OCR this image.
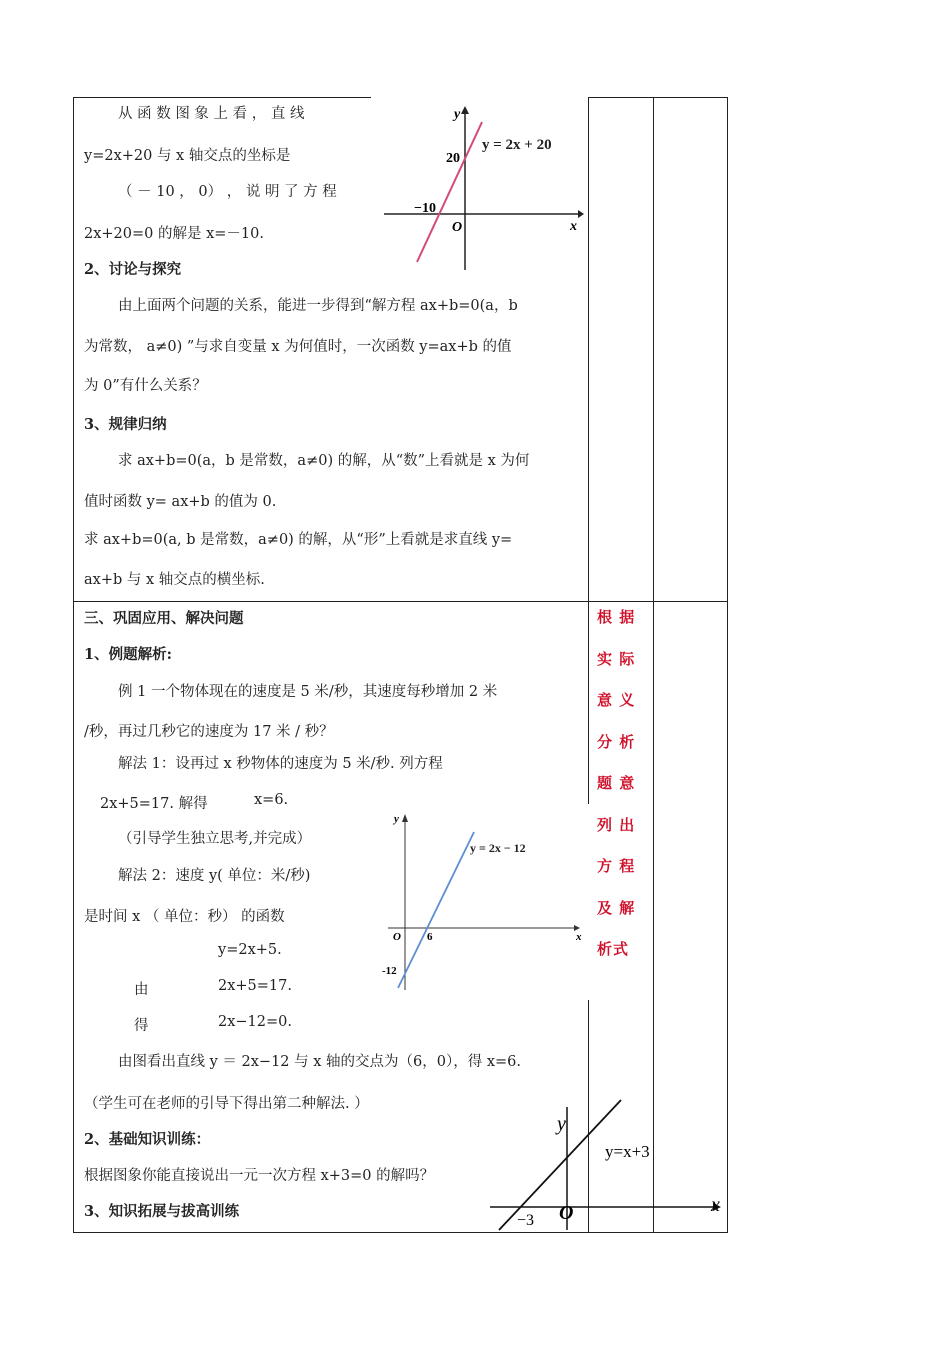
从 函 数 图 象 上 看 ， 直 线
y=2x+20 与 x 轴交点的坐标是
（ － 10 ， 0） ， 说 明 了 方 程
2x+20=0 的解是 x=－10.
y = 2x + 20
y
x
O
20
−10
2、讨论与探究
由上面两个问题的关系，能进一步得到“解方程 ax+b=0(a，b
为常数， a≠0) ”与求自变量 x 为何值时，一次函数 y=ax+b 的值
为 0”有什么关系？
3、规律归纳
求 ax+b=0(a，b 是常数，a≠0) 的解，从“数”上看就是 x 为何
值时函数 y= ax+b 的值为 0.
求 ax+b=0(a, b 是常数，a≠0) 的解，从“形”上看就是求直线 y=
ax+b 与 x 轴交点的横坐标.
三、巩固应用、解决问题
1、例题解析:
例 1 一个物体现在的速度是 5 米/秒，其速度每秒增加 2 米
/秒，再过几秒它的速度为 17 米 / 秒？
解法 1：设再过 x 秒物体的速度为 5 米/秒. 列方程
2x+5=17. 解得	x=6.
（引导学生独立思考,并完成）
解法 2：速度 y( 单位：米/秒)
是时间 x （ 单位：秒） 的函数
y=2x+5.
由	2x+5=17.
得	2x−12=0.
由图看出直线 y ＝ 2x−12 与 x 轴的交点为（6，0），得 x=6.
（学生可在老师的引导下得出第二种解法. ）
2、基础知识训练：
根据图象你能直接说出一元一次方程 x+3=0 的解吗？
3、知识拓展与拔高训练
y = 2x − 12
y
x
O 6
-12
y=x+3
y
x
O
−3
根 据
实 际
意 义
分 析
题 意
列 出
方 程
及 解
析式
